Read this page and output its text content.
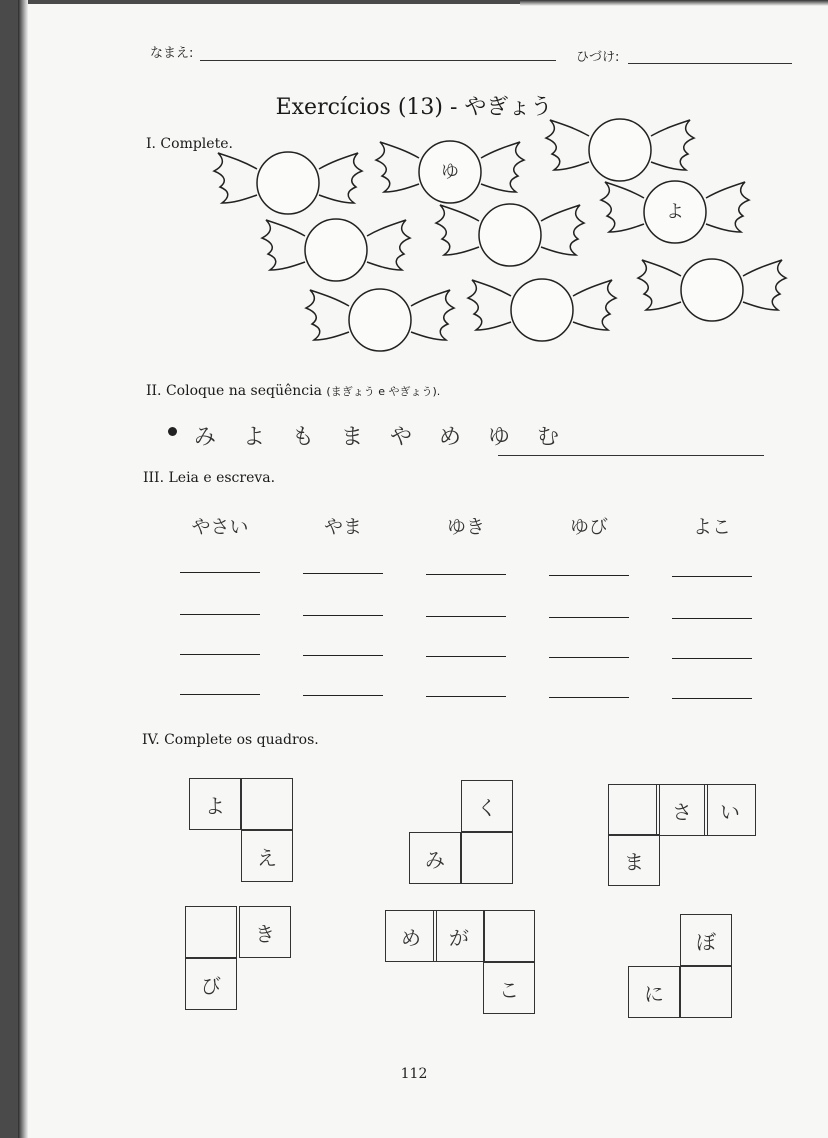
なまえ:	ひづけ:
Exercícios (13) - やぎょう
I. Complete.
ゆ
よ
II. Coloque na seqüência (まぎょう e やぎょう).
み よ も ま や め ゆ む
III. Leia e escreva.
やさい	やま	ゆき	ゆび	よこ
IV. Complete os quadros.
よ
え
く
み
さ	い
ま
き
び
め	が
こ
ぼ
に
112
